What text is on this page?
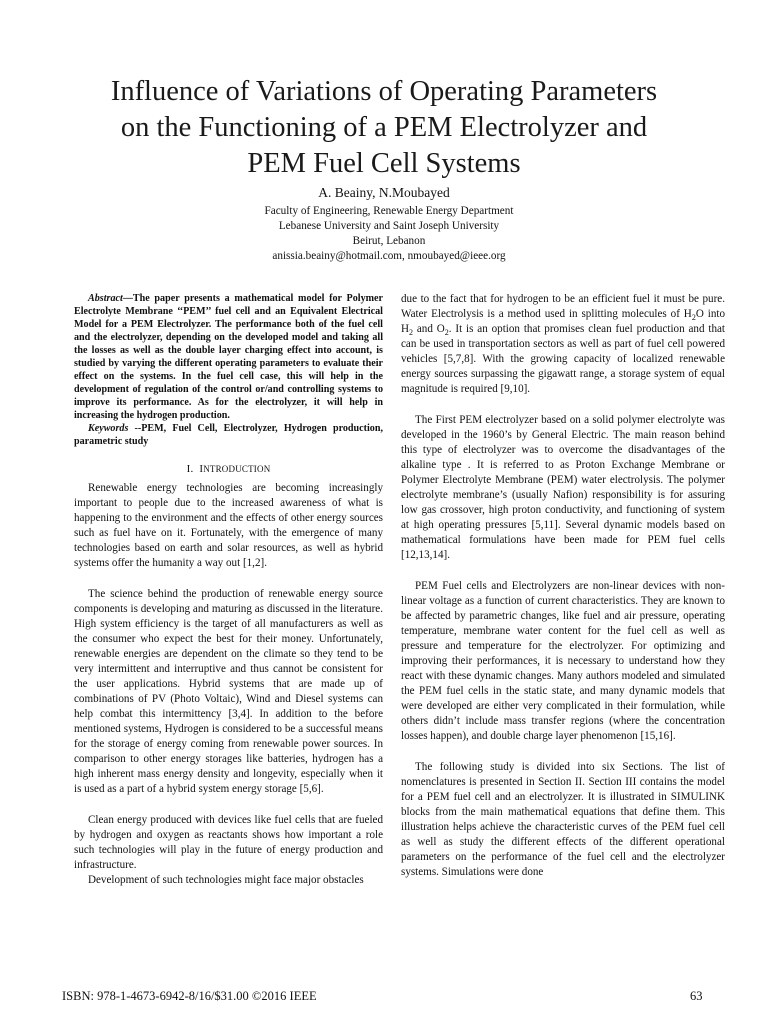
Influence of Variations of Operating Parameters
on the Functioning of a PEM Electrolyzer and
PEM Fuel Cell Systems
A. Beainy, N.Moubayed
Faculty of Engineering, Renewable Energy Department
Lebanese University and Saint Joseph University
Beirut, Lebanon
anissia.beainy@hotmail.com, nmoubayed@ieee.org

Abstract—The paper presents a mathematical model for Polymer Electrolyte Membrane ‘‘PEM’’ fuel cell and an Equivalent Electrical Model for a PEM Electrolyzer. The performance both of the fuel cell and the electrolyzer, depending on the developed model and taking all the losses as well as the double layer charging effect into account, is studied by varying the different operating parameters to evaluate their effect on the systems. In the fuel cell case, this will help in the development of regulation of the control or/and controlling systems to improve its performance. As for the electrolyzer, it will help in increasing the hydrogen production.

Keywords --PEM, Fuel Cell, Electrolyzer, Hydrogen production, parametric study

I. INTRODUCTION

Renewable energy technologies are becoming increasingly important to people due to the increased awareness of what is happening to the environment and the effects of other energy sources such as fuel have on it. Fortunately, with the emergence of many technologies based on earth and solar resources, as well as hybrid systems offer the humanity a way out [1,2].

The science behind the production of renewable energy source components is developing and maturing as discussed in the literature. High system efficiency is the target of all manufacturers as well as the consumer who expect the best for their money. Unfortunately, renewable energies are dependent on the climate so they tend to be very intermittent and interruptive and thus cannot be consistent for the user applications. Hybrid systems that are made up of combinations of PV (Photo Voltaic), Wind and Diesel systems can help combat this intermittency [3,4]. In addition to the before mentioned systems, Hydrogen is considered to be a successful means for the storage of energy coming from renewable power sources. In comparison to other energy storages like batteries, hydrogen has a high inherent mass energy density and longevity, especially when it is used as a part of a hybrid system energy storage [5,6].

Clean energy produced with devices like fuel cells that are fueled by hydrogen and oxygen as reactants shows how important a role such technologies will play in the future of energy production and infrastructure.

Development of such technologies might face major obstacles

due to the fact that for hydrogen to be an efficient fuel it must be pure. Water Electrolysis is a method used in splitting molecules of $H_2O$ into $H_2$ and $O_2$. It is an option that promises clean fuel production and that can be used in transportation sectors as well as part of fuel cell powered vehicles [5,7,8]. With the growing capacity of localized renewable energy sources surpassing the gigawatt range, a storage system of equal magnitude is required [9,10].

The First PEM electrolyzer based on a solid polymer electrolyte was developed in the 1960’s by General Electric. The main reason behind this type of electrolyzer was to overcome the disadvantages of the alkaline type . It is referred to as Proton Exchange Membrane or Polymer Electrolyte Membrane (PEM) water electrolysis. The polymer electrolyte membrane’s (usually Nafion) responsibility is for assuring low gas crossover, high proton conductivity, and functioning of system at high operating pressures [5,11]. Several dynamic models based on mathematical formulations have been made for PEM fuel cells [12,13,14].

PEM Fuel cells and Electrolyzers are non-linear devices with non-linear voltage as a function of current characteristics. They are known to be affected by parametric changes, like fuel and air pressure, operating temperature, membrane water content for the fuel cell as well as pressure and temperature for the electrolyzer. For optimizing and improving their performances, it is necessary to understand how they react with these dynamic changes. Many authors modeled and simulated the PEM fuel cells in the static state, and many dynamic models that were developed are either very complicated in their formulation, while others didn’t include mass transfer regions (where the concentration losses happen), and double charge layer phenomenon [15,16].

The following study is divided into six Sections. The list of nomenclatures is presented in Section II. Section III contains the model for a PEM fuel cell and an electrolyzer. It is illustrated in SIMULINK blocks from the main mathematical equations that define them. This illustration helps achieve the characteristic curves of the PEM fuel cell as well as study the different effects of the different operational parameters on the performance of the fuel cell and the electrolyzer systems. Simulations were done

ISBN: 978-1-4673-6942-8/16/$31.00 ©2016 IEEE	63
